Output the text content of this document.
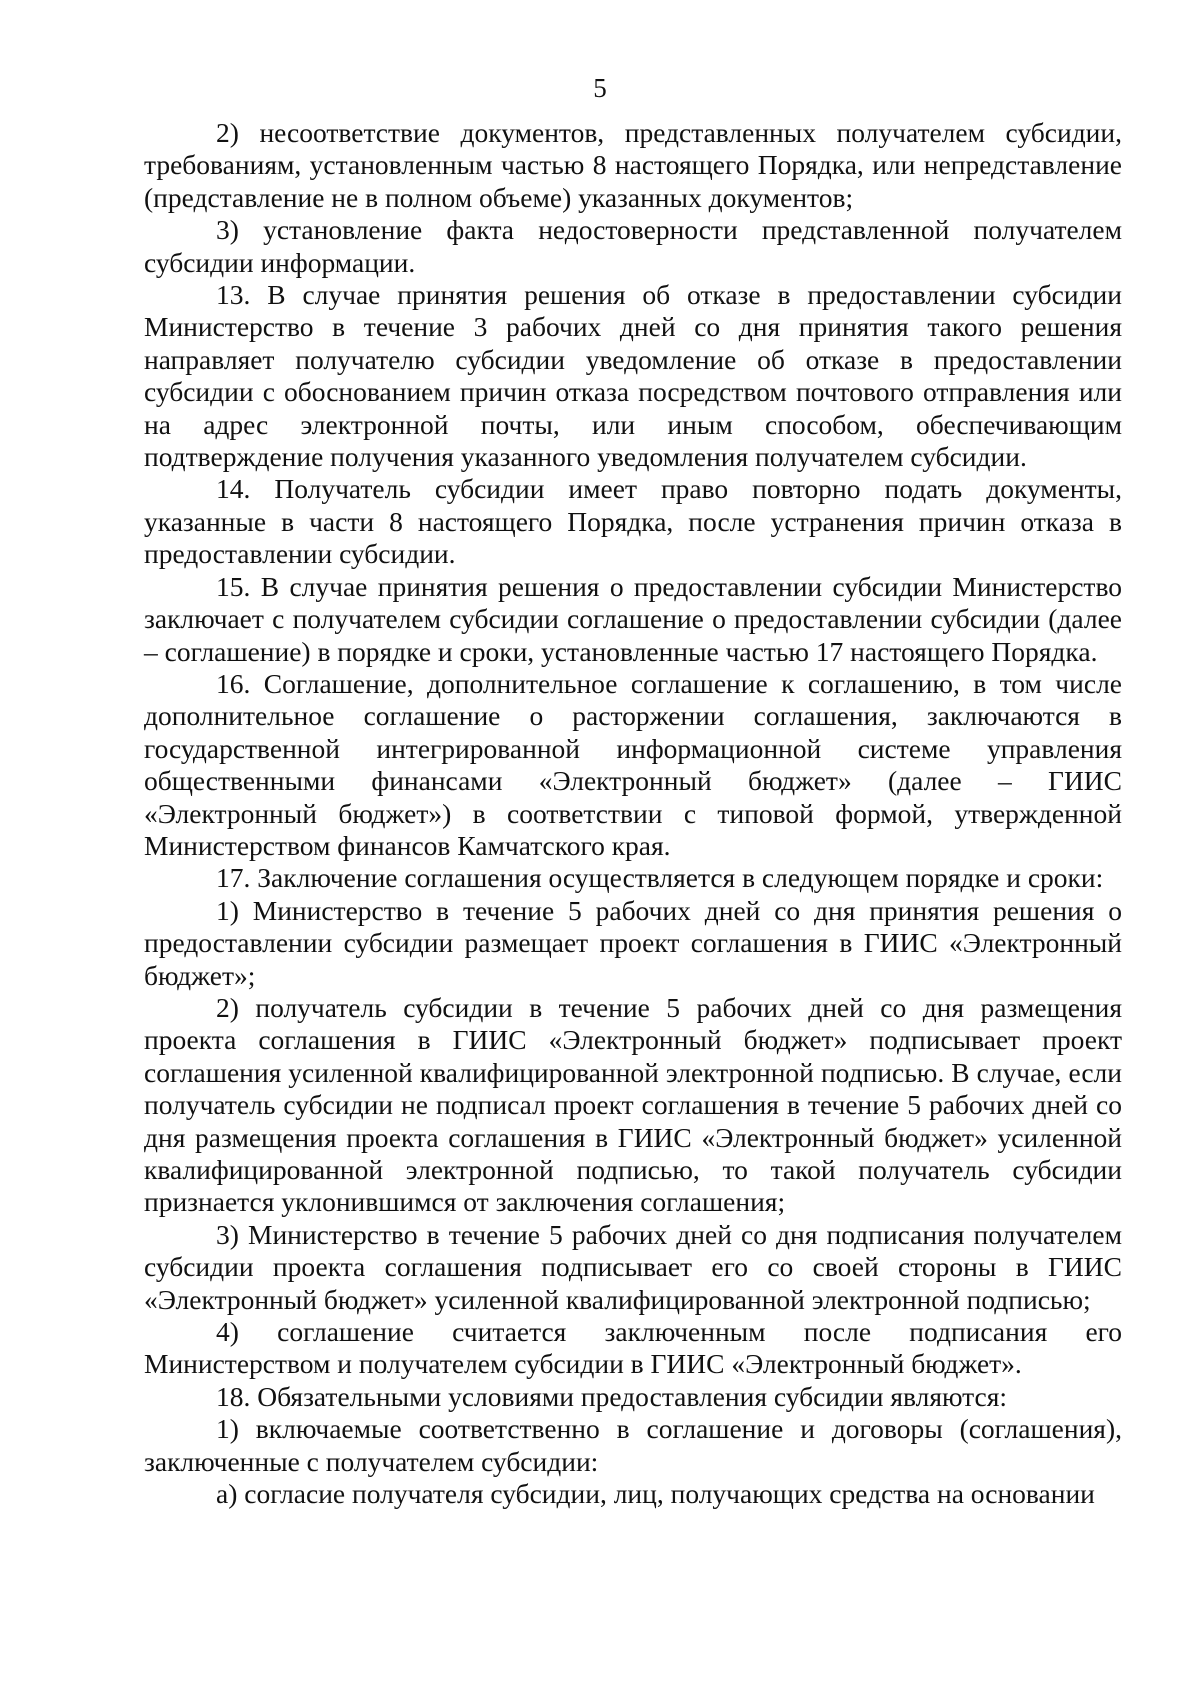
5

2) несоответствие документов, представленных получателем субсидии, требованиям, установленным частью 8 настоящего Порядка, или непредставление (представление не в полном объеме) указанных документов;

3) установление факта недостоверности представленной получателем субсидии информации.

13. В случае принятия решения об отказе в предоставлении субсидии Министерство в течение 3 рабочих дней со дня принятия такого решения направляет получателю субсидии уведомление об отказе в предоставлении субсидии с обоснованием причин отказа посредством почтового отправления или на адрес электронной почты, или иным способом, обеспечивающим подтверждение получения указанного уведомления получателем субсидии.

14. Получатель субсидии имеет право повторно подать документы, указанные в части 8 настоящего Порядка, после устранения причин отказа в предоставлении субсидии.

15. В случае принятия решения о предоставлении субсидии Министерство заключает с получателем субсидии соглашение о предоставлении субсидии (далее – соглашение) в порядке и сроки, установленные частью 17 настоящего Порядка.

16. Соглашение, дополнительное соглашение к соглашению, в том числе дополнительное соглашение о расторжении соглашения, заключаются в государственной интегрированной информационной системе управления общественными финансами «Электронный бюджет» (далее – ГИИС «Электронный бюджет») в соответствии с типовой формой, утвержденной Министерством финансов Камчатского края.

17. Заключение соглашения осуществляется в следующем порядке и сроки:

1) Министерство в течение 5 рабочих дней со дня принятия решения о предоставлении субсидии размещает проект соглашения в ГИИС «Электронный бюджет»;

2) получатель субсидии в течение 5 рабочих дней со дня размещения проекта соглашения в ГИИС «Электронный бюджет» подписывает проект соглашения усиленной квалифицированной электронной подписью. В случае, если получатель субсидии не подписал проект соглашения в течение 5 рабочих дней со дня размещения проекта соглашения в ГИИС «Электронный бюджет» усиленной квалифицированной электронной подписью, то такой получатель субсидии признается уклонившимся от заключения соглашения;

3) Министерство в течение 5 рабочих дней со дня подписания получателем субсидии проекта соглашения подписывает его со своей стороны в ГИИС «Электронный бюджет» усиленной квалифицированной электронной подписью;

4) соглашение считается заключенным после подписания его Министерством и получателем субсидии в ГИИС «Электронный бюджет».

18. Обязательными условиями предоставления субсидии являются:

1) включаемые соответственно в соглашение и договоры (соглашения), заключенные с получателем субсидии:

а) согласие получателя субсидии, лиц, получающих средства на основании
